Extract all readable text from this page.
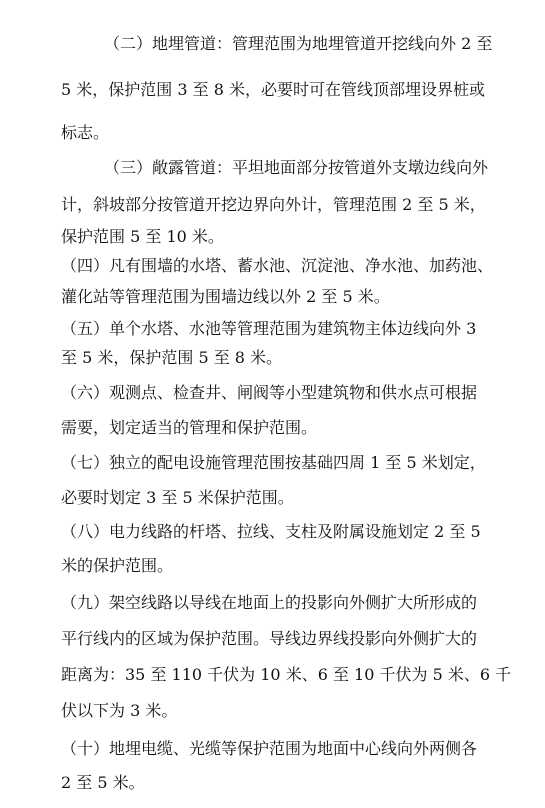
（二）地埋管道：管理范围为地埋管道开挖线向外 2 至
5 米，保护范围 3 至 8 米，必要时可在管线顶部埋设界桩或
标志。
（三）敞露管道：平坦地面部分按管道外支墩边线向外
计，斜坡部分按管道开挖边界向外计，管理范围 2 至 5 米，
保护范围 5 至 10 米。
（四）凡有围墙的水塔、蓄水池、沉淀池、净水池、加药池、
灌化站等管理范围为围墙边线以外 2 至 5 米。
（五）单个水塔、水池等管理范围为建筑物主体边线向外 3
至 5 米，保护范围 5 至 8 米。
（六）观测点、检查井、闸阀等小型建筑物和供水点可根据
需要，划定适当的管理和保护范围。
（七）独立的配电设施管理范围按基础四周 1 至 5 米划定，
必要时划定 3 至 5 米保护范围。
（八）电力线路的杆塔、拉线、支柱及附属设施划定 2 至 5
米的保护范围。
（九）架空线路以导线在地面上的投影向外侧扩大所形成的
平行线内的区域为保护范围。导线边界线投影向外侧扩大的
距离为：35 至 110 千伏为 10 米、6 至 10 千伏为 5 米、6 千
伏以下为 3 米。
（十）地埋电缆、光缆等保护范围为地面中心线向外两侧各
2 至 5 米。
